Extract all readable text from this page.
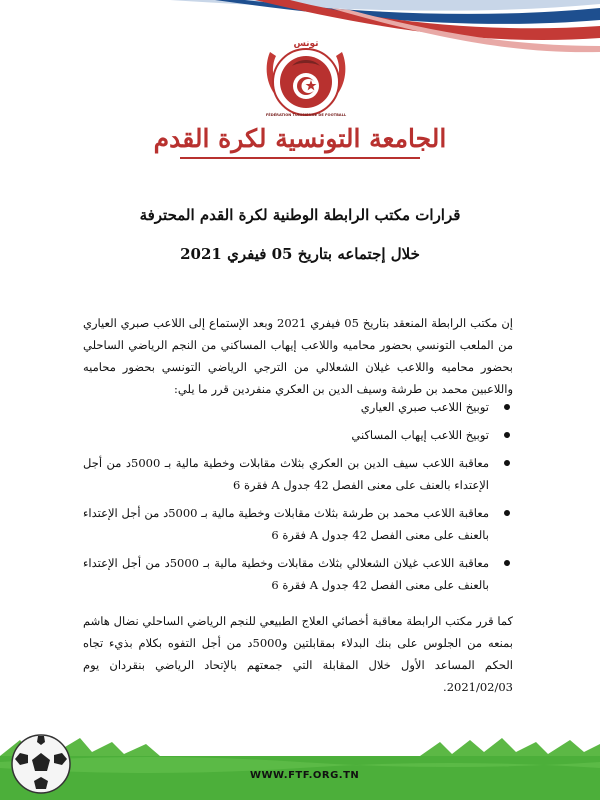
تونس
FÉDÉRATION TUNISIENNE DE FOOTBALL
الجامعة التونسية لكرة القدم
قرارات مكتب الرابطة الوطنية لكرة القدم المحترفة
خلال إجتماعه بتاريخ 05 فيفري 2021

إن مكتب الرابطة المنعقد بتاريخ 05 فيفري 2021 وبعد الإستماع إلى اللاعب صبري العياري من الملعب التونسي بحضور محاميه واللاعب إيهاب المساكني من النجم الرياضي الساحلي بحضور محاميه واللاعب غيلان الشعلالي من الترجي الرياضي التونسي بحضور محاميه واللاعبين محمد بن طرشة وسيف الدين بن العكري منفردين قرر ما يلي:

توبيخ اللاعب صبري العياري
توبيخ اللاعب إيهاب المساكني
معاقبة اللاعب سيف الدين بن العكري بثلاث مقابلات وخطية مالية بـ 5000د من أجل الإعتداء بالعنف على معنى الفصل 42 جدول A فقرة 6
معاقبة اللاعب محمد بن طرشة بثلاث مقابلات وخطية مالية بـ 5000د من أجل الإعتداء بالعنف على معنى الفصل 42 جدول A فقرة 6
معاقبة اللاعب غيلان الشعلالي بثلاث مقابلات وخطية مالية بـ 5000د من أجل الإعتداء بالعنف على معنى الفصل 42 جدول A فقرة 6

كما قرر مكتب الرابطة معاقبة أخصائي العلاج الطبيعي للنجم الرياضي الساحلي نضال هاشم بمنعه من الجلوس على بنك البدلاء بمقابلتين و5000د من أجل التفوه بكلام بذيء تجاه الحكم المساعد الأول خلال المقابلة التي جمعتهم بالإتحاد الرياضي بنقردان يوم 2021/02/03.

WWW.FTF.ORG.TN
